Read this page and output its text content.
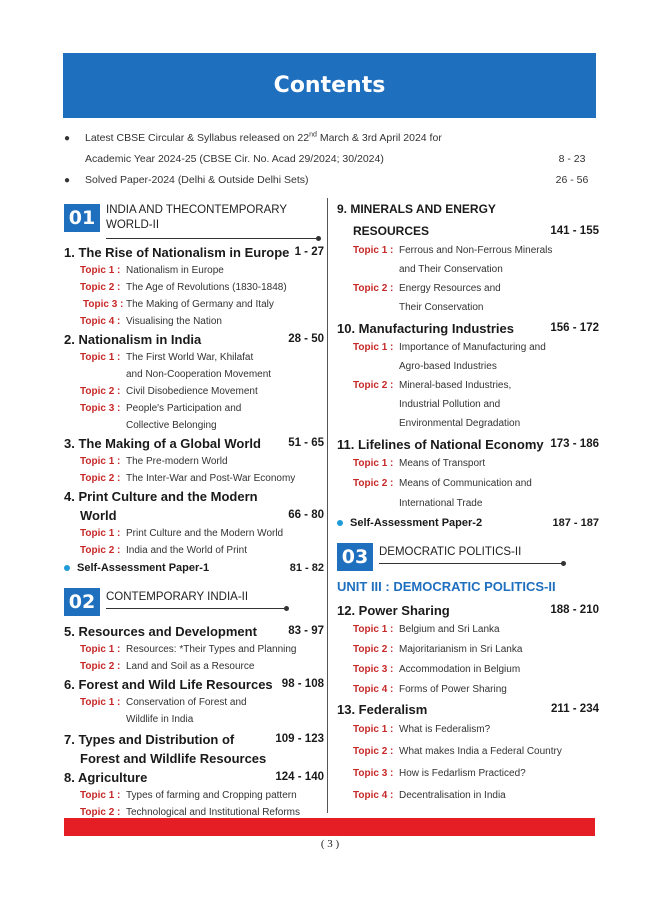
Contents
● Latest CBSE Circular & Syllabus released on 22nd March & 3rd April 2024 for
Academic Year 2024-25 (CBSE Cir. No. Acad 29/2024; 30/2024)	8 - 23
● Solved Paper-2024 (Delhi & Outside Delhi Sets)	26 - 56
01 INDIA AND THECONTEMPORARY WORLD-II
1. The Rise of Nationalism in Europe 1 - 27
Topic 1 : Nationalism in Europe
Topic 2 : The Age of Revolutions (1830-1848)
Topic 3 : The Making of Germany and Italy
Topic 4 : Visualising the Nation
2. Nationalism in India	28 - 50
Topic 1 : The First World War, Khilafat
and Non-Cooperation Movement
Topic 2 : Civil Disobedience Movement
Topic 3 : People's Participation and
Collective Belonging
3. The Making of a Global World 51 - 65
Topic 1 : The Pre-modern World
Topic 2 : The Inter-War and Post-War Economy
4. Print Culture and the Modern
World	66 - 80
Topic 1 : Print Culture and the Modern World
Topic 2 : India and the World of Print
Self-Assessment Paper-1	81 - 82
02 CONTEMPORARY INDIA-II
5. Resources and Development	83 - 97
Topic 1 : Resources: *Their Types and Planning
Topic 2 : Land and Soil as a Resource
6. Forest and Wild Life Resources 98 - 108
Topic 1 : Conservation of Forest and
Wildlife in India
7. Types and Distribution of	109 - 123
Forest and Wildlife Resources
8. Agriculture	124 - 140
Topic 1 : Types of farming and Cropping pattern
Topic 2 : Technological and Institutional Reforms
9. MINERALS AND ENERGY
RESOURCES	141 - 155
Topic 1 : Ferrous and Non-Ferrous Minerals
and Their Conservation
Topic 2 : Energy Resources and
Their Conservation
10. Manufacturing Industries	156 - 172
Topic 1 : Importance of Manufacturing and
Agro-based Industries
Topic 2 : Mineral-based Industries,
Industrial Pollution and
Environmental Degradation
11. Lifelines of National Economy 173 - 186
Topic 1 : Means of Transport
Topic 2 : Means of Communication and
International Trade
Self-Assessment Paper-2	187 - 187
03 DEMOCRATIC POLITICS-II
UNIT III : DEMOCRATIC POLITICS-II
12. Power Sharing	188 - 210
Topic 1 : Belgium and Sri Lanka
Topic 2 : Majoritarianism in Sri Lanka
Topic 3 : Accommodation in Belgium
Topic 4 : Forms of Power Sharing
13. Federalism	211 - 234
Topic 1 : What is Federalism?
Topic 2 : What makes India a Federal Country
Topic 3 : How is Fedarlism Practiced?
Topic 4 : Decentralisation in India
( 3 )
